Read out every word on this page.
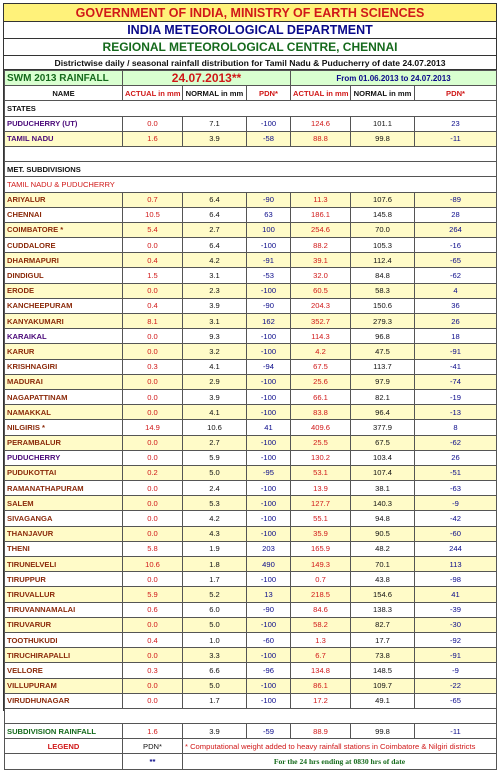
GOVERNMENT OF INDIA, MINISTRY OF EARTH SCIENCES
INDIA METEOROLOGICAL DEPARTMENT
REGIONAL METEOROLOGICAL CENTRE, CHENNAI
Districtwise daily / seasonal rainfall distribution for Tamil Nadu & Puducherry of date 24.07.2013
SWM 2013 RAINFALL	24.07.2013**			From 01.06.2013 to 24.07.2013		
NAME	ACTUAL in mm	NORMAL in mm	PDN*	ACTUAL in mm	NORMAL in mm	PDN*
STATES						
PUDUCHERRY (UT)	0.0	7.1	-100	124.6	101.1	23
TAMIL NADU	1.6	3.9	-58	88.8	99.8	-11

MET. SUBDIVISIONS						
TAMIL NADU & PUDUCHERRY						
ARIYALUR	0.7	6.4	-90	11.3	107.6	-89
CHENNAI	10.5	6.4	63	186.1	145.8	28
COIMBATORE *	5.4	2.7	100	254.6	70.0	264
CUDDALORE	0.0	6.4	-100	88.2	105.3	-16
DHARMAPURI	0.4	4.2	-91	39.1	112.4	-65
DINDIGUL	1.5	3.1	-53	32.0	84.8	-62
ERODE	0.0	2.3	-100	60.5	58.3	4
KANCHEEPURAM	0.4	3.9	-90	204.3	150.6	36
KANYAKUMARI	8.1	3.1	162	352.7	279.3	26
KARAIKAL	0.0	9.3	-100	114.3	96.8	18
KARUR	0.0	3.2	-100	4.2	47.5	-91
KRISHNAGIRI	0.3	4.1	-94	67.5	113.7	-41
MADURAI	0.0	2.9	-100	25.6	97.9	-74
NAGAPATTINAM	0.0	3.9	-100	66.1	82.1	-19
NAMAKKAL	0.0	4.1	-100	83.8	96.4	-13
NILGIRIS *	14.9	10.6	41	409.6	377.9	8
PERAMBALUR	0.0	2.7	-100	25.5	67.5	-62
PUDUCHERRY	0.0	5.9	-100	130.2	103.4	26
PUDUKOTTAI	0.2	5.0	-95	53.1	107.4	-51
RAMANATHAPURAM	0.0	2.4	-100	13.9	38.1	-63
SALEM	0.0	5.3	-100	127.7	140.3	-9
SIVAGANGA	0.0	4.2	-100	55.1	94.8	-42
THANJAVUR	0.0	4.3	-100	35.9	90.5	-60
THENI	5.8	1.9	203	165.9	48.2	244
TIRUNELVELI	10.6	1.8	490	149.3	70.1	113
TIRUPPUR	0.0	1.7	-100	0.7	43.8	-98
TIRUVALLUR	5.9	5.2	13	218.5	154.6	41
TIRUVANNAMALAI	0.6	6.0	-90	84.6	138.3	-39
TIRUVARUR	0.0	5.0	-100	58.2	82.7	-30
TOOTHUKUDI	0.4	1.0	-60	1.3	17.7	-92
TIRUCHIRAPALLI	0.0	3.3	-100	6.7	73.8	-91
VELLORE	0.3	6.6	-96	134.8	148.5	-9
VILLUPURAM	0.0	5.0	-100	86.1	109.7	-22
VIRUDHUNAGAR	0.0	1.7	-100	17.2	49.1	-65

SUBDIVISION RAINFALL	1.6	3.9	-59	88.9	99.8	-11
LEGEND	PDN*	* Computational weight added to heavy rainfall stations in Coimbatore & Nilgiri districts				
	**	For the 24 hrs ending at 0830 hrs of date				
